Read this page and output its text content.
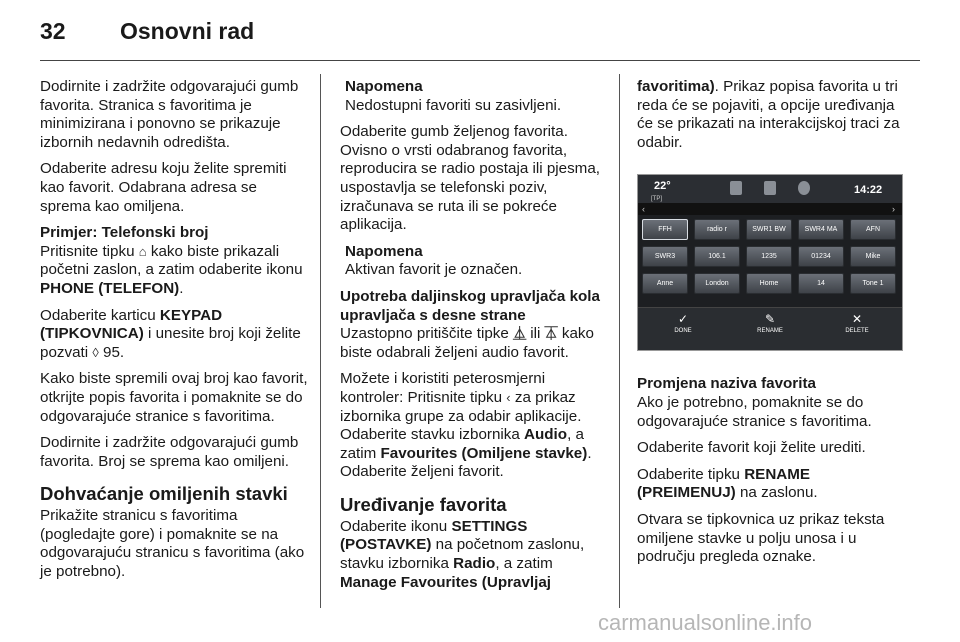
32 Osnovni rad

Dodirnite i zadržite odgovarajući gumb favorita. Stranica s favoritima je minimizirana i ponovno se prikazuje izbornih nedavnih odredišta.

Odaberite adresu koju želite spremiti kao favorit. Odabrana adresa se sprema kao omiljena.

Primjer: Telefonski broj

Pritisnite tipku ⌂ kako biste prikazali početni zaslon, a zatim odaberite ikonu PHONE (TELEFON).

Odaberite karticu KEYPAD (TIPKOVNICA) i unesite broj koji želite pozvati ◊ 95.

Kako biste spremili ovaj broj kao favorit, otkrijte popis favorita i pomaknite se do odgovarajuće stranice s favoritima.

Dodirnite i zadržite odgovarajući gumb favorita. Broj se sprema kao omiljeni.

Dohvaćanje omiljenih stavki

Prikažite stranicu s favoritima (pogledajte gore) i pomaknite se na odgovarajuću stranicu s favoritima (ako je potrebno).

Napomena
Nedostupni favoriti su zasivljeni.

Odaberite gumb željenog favorita. Ovisno o vrsti odabranog favorita, reproducira se radio postaja ili pjesma, uspostavlja se telefonski poziv, izračunava se ruta ili se pokreće aplikacija.

Napomena
Aktivan favorit je označen.

Upotreba daljinskog upravljača kola upravljača s desne strane

Uzastopno pritiščite tipke ⏅ ili ⏄ kako biste odabrali željeni audio favorit.

Možete i koristiti peterosmjerni kontroler: Pritisnite tipku ‹ za prikaz izbornika grupe za odabir aplikacije. Odaberite stavku izbornika Audio, a zatim Favourites (Omiljene stavke). Odaberite željeni favorit.

Uređivanje favorita

Odaberite ikonu SETTINGS (POSTAVKE) na početnom zaslonu, stavku izbornika Radio, a zatim Manage Favourites (Upravljaj

favoritima). Prikaz popisa favorita u tri reda će se pojaviti, a opcije uređivanja će se prikazati na interakcijskoj traci za odabir.

22°
[TP]
14:22
‹	›
FFH	radio r	SWR1 BW	SWR4 MA	AFN
SWR3	106.1	1235	01234	Mike
Anne	London	Home	14	Tone 1
✓
DONE
✎
RENAME
✕
DELETE

Promjena naziva favorita

Ako je potrebno, pomaknite se do odgovarajuće stranice s favoritima.

Odaberite favorit koji želite urediti.

Odaberite tipku RENAME (PREIMENUJ) na zaslonu.

Otvara se tipkovnica uz prikaz teksta omiljene stavke u polju unosa i u području pregleda oznake.

carmanualsonline.info
